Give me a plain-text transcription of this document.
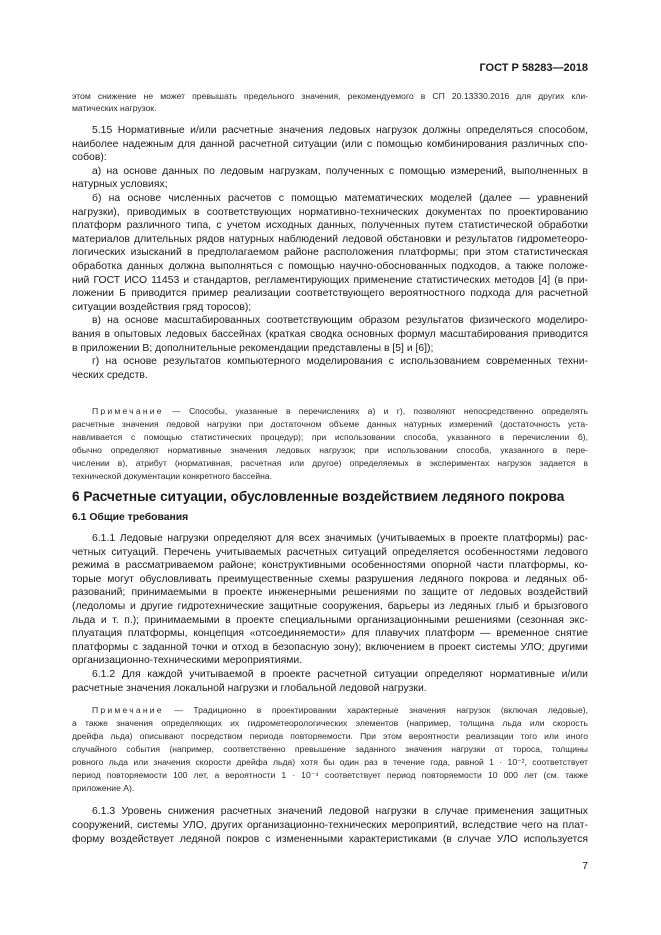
ГОСТ Р 58283—2018
этом снижение не может превышать предельного значения, рекомендуемого в СП 20.13330.2016 для других кли-
матических нагрузок.
5.15 Нормативные и/или расчетные значения ледовых нагрузок должны определяться способом,
наиболее надежным для данной расчетной ситуации (или с помощью комбинирования различных спо-
собов):
а) на основе данных по ледовым нагрузкам, полученных с помощью измерений, выполненных в
натурных условиях;
б) на основе численных расчетов с помощью математических моделей (далее — уравнений
нагрузки), приводимых в соответствующих нормативно-технических документах по проектированию
платформ различного типа, с учетом исходных данных, полученных путем статистической обработки
материалов длительных рядов натурных наблюдений ледовой обстановки и результатов гидрометеоро-
логических изысканий в предполагаемом районе расположения платформы; при этом статистическая
обработка данных должна выполняться с помощью научно-обоснованных подходов, а также положе-
ний ГОСТ ИСО 11453 и стандартов, регламентирующих применение статистических методов [4] (в при-
ложении Б приводится пример реализации соответствующего вероятностного подхода для расчетной
ситуации воздействия гряд торосов);
в) на основе масштабированных соответствующим образом результатов физического моделиро-
вания в опытовых ледовых бассейнах (краткая сводка основных формул масштабирования приводится
в приложении В; дополнительные рекомендации представлены в [5] и [6]);
г) на основе результатов компьютерного моделирования с использованием современных техни-
ческих средств.
Примечание — Способы, указанные в перечислениях а) и г), позволяют непосредственно определять
расчетные значения ледовой нагрузки при достаточном объеме данных натурных измерений (достаточность уста-
навливается с помощью статистических процедур); при использовании способа, указанного в перечислении б),
обычно определяют нормативные значения ледовых нагрузок; при использовании способа, указанного в пере-
числении в), атрибут (нормативная, расчетная или другое) определяемых в экспериментах нагрузок задается в
технической документации конкретного бассейна.
6 Расчетные ситуации, обусловленные воздействием ледяного покрова
6.1 Общие требования
6.1.1 Ледовые нагрузки определяют для всех значимых (учитываемых в проекте платформы) рас-
четных ситуаций. Перечень учитываемых расчетных ситуаций определяется особенностями ледового
режима в рассматриваемом районе; конструктивными особенностями опорной части платформы, ко-
торые могут обусловливать преимущественные схемы разрушения ледяного покрова и ледяных об-
разований; принимаемыми в проекте инженерными решениями по защите от ледовых воздействий
(ледоломы и другие гидротехнические защитные сооружения, барьеры из ледяных глыб и брызгового
льда и т. п.); принимаемыми в проекте специальными организационными решениями (сезонная экс-
плуатация платформы, концепция «отсоединяемости» для плавучих платформ — временное снятие
платформы с заданной точки и отход в безопасную зону); включением в проект системы УЛО; другими
организационно-техническими мероприятиями.
6.1.2 Для каждой учитываемой в проекте расчетной ситуации определяют нормативные и/или
расчетные значения локальной нагрузки и глобальной ледовой нагрузки.
Примечание — Традиционно в проектировании характерные значения нагрузок (включая ледовые),
а также значения определяющих их гидрометеорологических элементов (например, толщина льда или скорость
дрейфа льда) описывают посредством периода повторяемости. При этом вероятности реализации того или иного
случайного события (например, соответственно превышение заданного значения нагрузки от тороса, толщины
ровного льда или значения скорости дрейфа льда) хотя бы один раз в течение года, равной 1 · 10⁻², соответствует
период повторяемости 100 лет, а вероятности 1 · 10⁻⁴ соответствует период повторяемости 10 000 лет (см. также
приложение А).
6.1.3 Уровень снижения расчетных значений ледовой нагрузки в случае применения защитных
сооружений, системы УЛО, других организационно-технических мероприятий, вследствие чего на плат-
форму воздействует ледяной покров с измененными характеристиками (в случае УЛО используется
7
